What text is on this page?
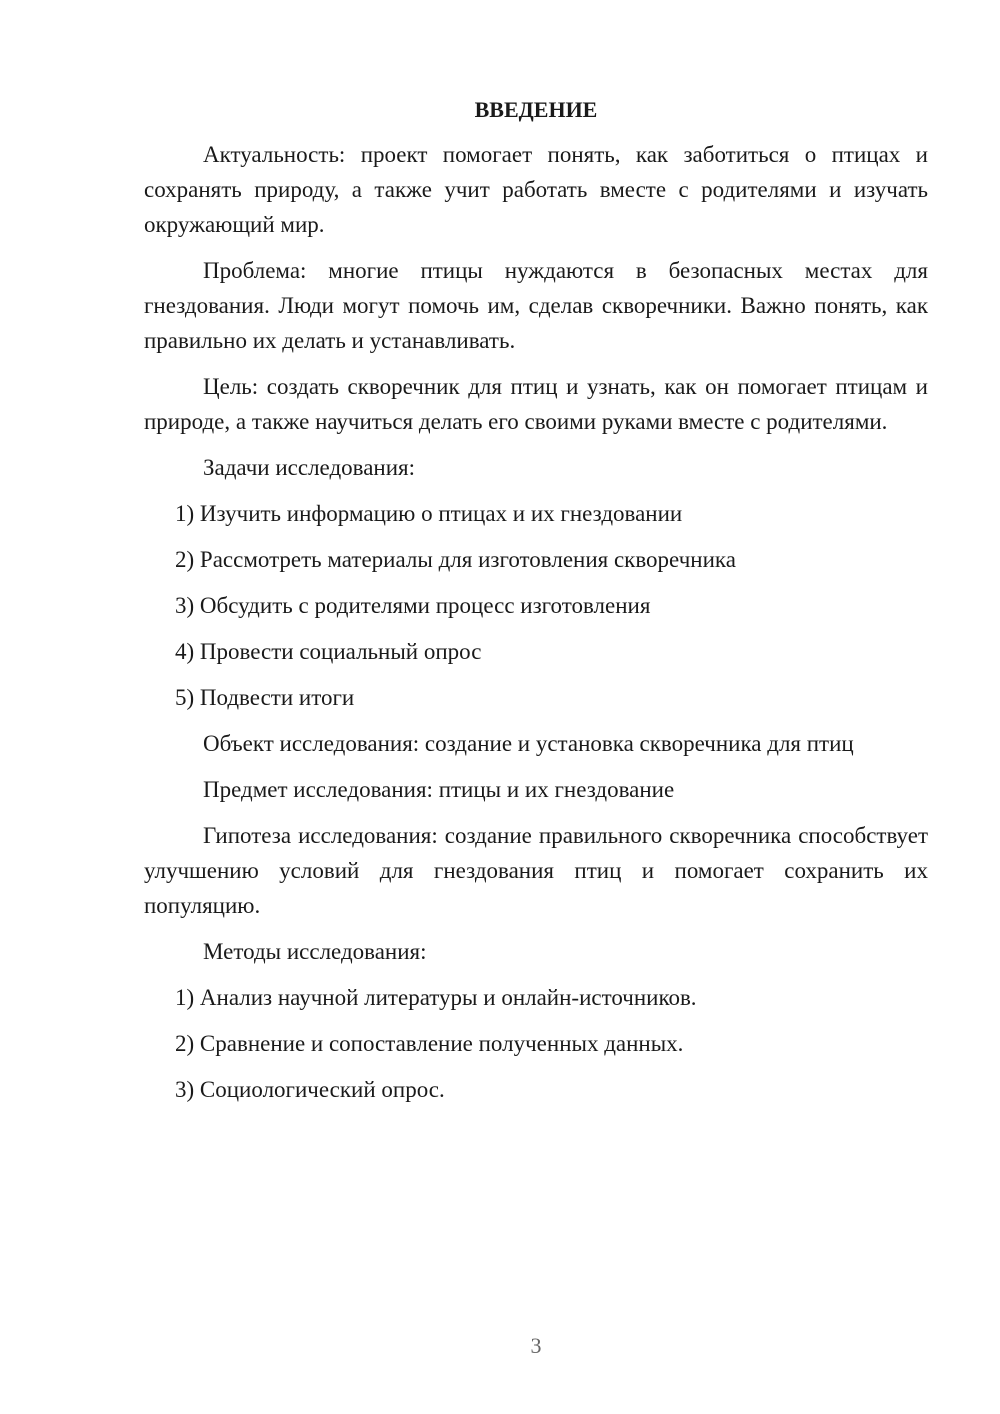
ВВЕДЕНИЕ
Актуальность: проект помогает понять, как заботиться о птицах и сохранять природу, а также учит работать вместе с родителями и изучать окружающий мир.
Проблема: многие птицы нуждаются в безопасных местах для гнездования. Люди могут помочь им, сделав скворечники. Важно понять, как правильно их делать и устанавливать.
Цель: создать скворечник для птиц и узнать, как он помогает птицам и природе, а также научиться делать его своими руками вместе с родителями.
Задачи исследования:
1) Изучить информацию о птицах и их гнездовании
2) Рассмотреть материалы для изготовления скворечника
3) Обсудить с родителями процесс изготовления
4) Провести социальный опрос
5) Подвести итоги
Объект исследования: создание и установка скворечника для птиц
Предмет исследования: птицы и их гнездование
Гипотеза исследования: создание правильного скворечника способствует улучшению условий для гнездования птиц и помогает сохранить их популяцию.
Методы исследования:
1) Анализ научной литературы и онлайн-источников.
2) Сравнение и сопоставление полученных данных.
3) Социологический опрос.
3
